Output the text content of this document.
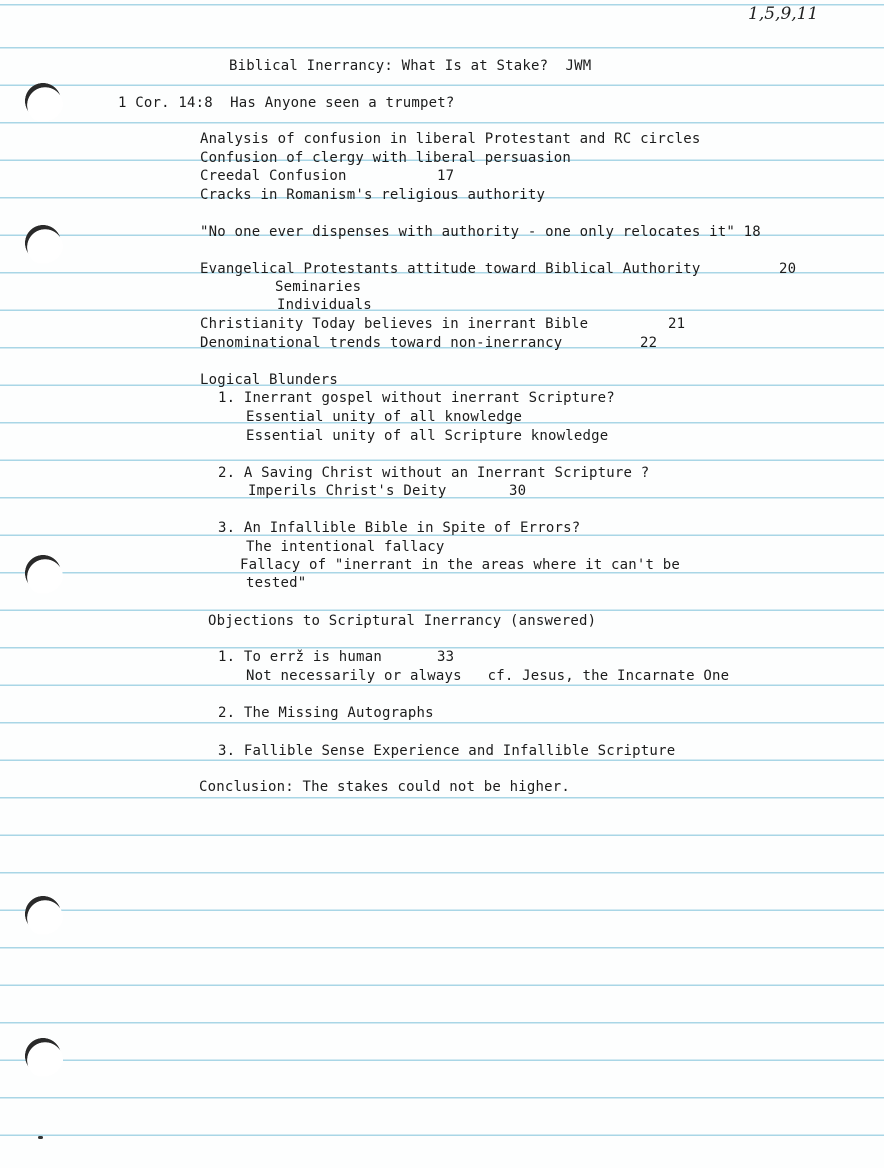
1,5,9,11
Biblical Inerrancy: What Is at Stake?  JWM
1 Cor. 14:8  Has Anyone seen a trumpet?
Analysis of confusion in liberal Protestant and RC circles
Confusion of clergy with liberal persuasion
Creedal Confusion	17
Cracks in Romanism's religious authority
"No one ever dispenses with authority - one only relocates it" 18
Evangelical Protestants attitude toward Biblical Authority	20
Seminaries
Individuals
Christianity Today believes in inerrant Bible	21
Denominational trends toward non-inerrancy	22
Logical Blunders
1. Inerrant gospel without inerrant Scripture?
Essential unity of all knowledge
Essential unity of all Scripture knowledge
2. A Saving Christ without an Inerrant Scripture ?
Imperils Christ's Deity	30
3. An Infallible Bible in Spite of Errors?
The intentional fallacy
Fallacy of "inerrant in the areas where it can't be
tested"
Objections to Scriptural Inerrancy (answered)
1. To errž is human	33
Not necessarily or always   cf. Jesus, the Incarnate One
2. The Missing Autographs
3. Fallible Sense Experience and Infallible Scripture
Conclusion: The stakes could not be higher.
